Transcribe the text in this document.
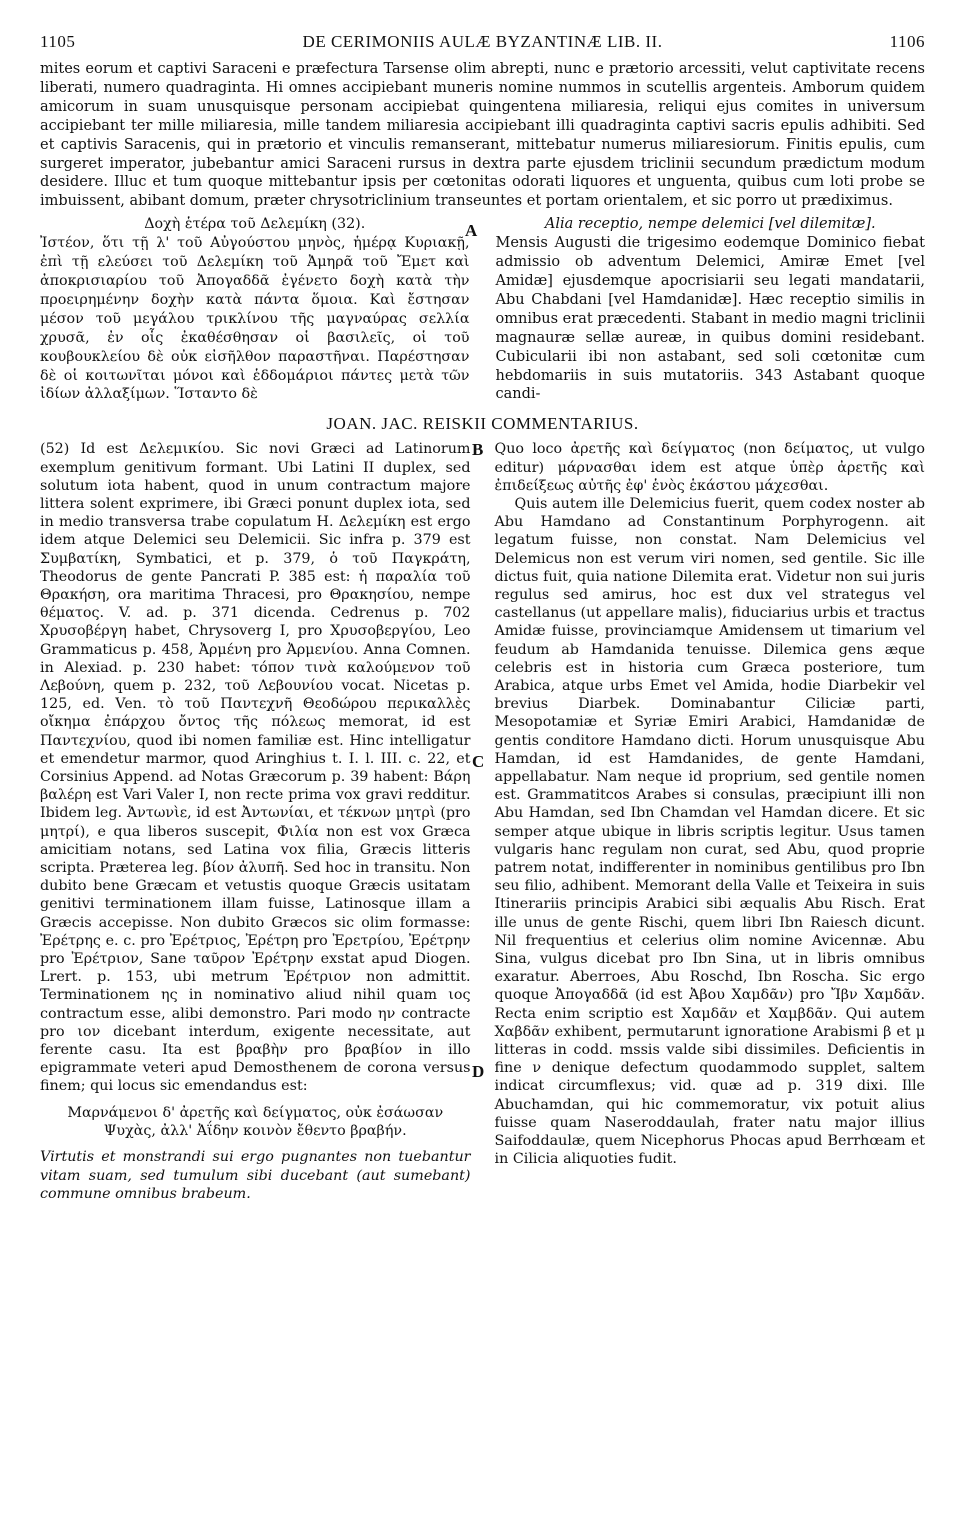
1105	DE CERIMONIIS AULÆ BYZANTINÆ LIB. II.	1106

mites eorum et captivi Saraceni e præfectura Tarsense olim abrepti, nunc e prætorio arcessiti, velut captivitate recens liberati, numero quadraginta. Hi omnes accipiebant muneris nomine nummos in scutellis argenteis. Amborum quidem amicorum in suam unusquisque personam accipiebat quingentena miliaresia, reliqui ejus comites in universum accipiebant ter mille miliaresia, mille tandem miliaresia accipiebant illi quadraginta captivi sacris epulis adhibiti. Sed et captivis Saracenis, qui in prætorio et vinculis remanserant, mittebatur numerus miliaresiorum. Finitis epulis, cum surgeret imperator, jubebantur amici Saraceni rursus in dextra parte ejusdem triclinii secundum prædictum modum desidere. Illuc et tum quoque mittebantur ipsis per cœtonitas odorati liquores et unguenta, quibus cum loti probe se imbuissent, abibant domum, præter chrysotriclinium transeuntes et portam orientalem, et sic porro ut prædiximus.

Δοχὴ ἑτέρα τοῦ Δελεμίκη (32).

Ἰστέον, ὅτι τῇ λ' τοῦ Αὐγούστου μηνὸς, ἡμέρᾳ Κυριακῇ, ἐπὶ τῇ ελεύσει τοῦ Δελεμίκη τοῦ Ἀμηρᾶ τοῦ Ἔμετ καὶ ἀποκρισιαρίου τοῦ Ἀπογαδδᾶ ἐγένετο δοχὴ κατὰ τὴν προειρημένην δοχὴν κατὰ πάντα ὅμοια. Καὶ ἔστησαν μέσον τοῦ μεγάλου τρικλίνου τῆς μαγναύρας σελλία χρυσᾶ, ἐν οἷς ἐκαθέσθησαν οἱ βασιλεῖς, οἱ τοῦ κουβουκλείου δὲ οὐκ εἰσῆλθον παραστῆναι. Παρέστησαν δὲ οἱ κοιτωνῖται μόνοι καὶ ἑδδομάριοι πάντες μετὰ τῶν ἰδίων ἀλλαξίμων. Ἵσταντο δὲ

A	Alia receptio, nempe delemici [vel dilemitæ].

Mensis Augusti die trigesimo eodemque Dominico fiebat admissio ob adventum Delemici, Amiræ Emet [vel Amidæ] ejusdemque apocrisiarii seu legati mandatarii, Abu Chabdani [vel Hamdanidæ]. Hæc receptio similis in omnibus erat præcedenti. Stabant in medio magni triclinii magnauræ sellæ aureæ, in quibus domini residebant. Cubicularii ibi non astabant, sed soli cœtonitæ cum hebdomariis in suis mutatoriis. 343 Astabant quoque candi-

JOAN. JAC. REISKII COMMENTARIUS.

(52) Id est Δελεμικίου. Sic novi Græci ad Latinorum exemplum genitivum formant. Ubi Latini II duplex, sed solutum iota habent, quod in unum contractum majore littera solent exprimere, ibi Græci ponunt duplex iota, sed in medio transversa trabe copulatum H. Δελεμίκη est ergo idem atque Delemici seu Delemicii. Sic infra p. 379 est Συμβατίκη, Symbatici, et p. 379, ὁ τοῦ Παγκράτη, Theodorus de gente Pancrati P. 385 est: ἡ παραλία τοῦ Θρακήση, ora maritima Thracesi, pro Θρακησίου, nempe θέματος. V. ad. p. 371 dicenda. Cedrenus p. 702 Χρυσοβέργη habet, Chrysoverg I, pro Χρυσοβεργίου, Leo Grammaticus p. 458, Ἀρμένη pro Ἀρμενίου. Anna Comnen. in Alexiad. p. 230 habet: τόπον τινὰ καλούμενον τοῦ Λεβούνη, quem p. 232, τοῦ Λεβουνίου vocat. Nicetas p. 125, ed. Ven. τὸ τοῦ Παντεχνῆ Θεοδώρου περικαλλὲς οἴκημα ἐπάρχου ὄντος τῆς πόλεως memorat, id est Παντεχνίου, quod ibi nomen familiæ est. Hinc intelligatur et emendetur marmor, quod Aringhius t. I. l. III. c. 22, et Corsinius Append. ad Notas Græcorum p. 39 habent: Βάρη βαλέρη est Vari Valer I, non recte prima vox gravi redditur. Ibidem leg. Ἀντωνὶε, id est Ἀντωνίαι, et τέκνων μητρὶ (pro μητρί), e qua liberos suscepit, Φιλία non est vox Græca amicitiam notans, sed Latina vox filia, Græcis litteris scripta. Præterea leg. βίον ἀλυπῆ. Sed hoc in transitu. Non dubito bene Græcam et vetustis quoque Græcis usitatam genitivi terminationem illam fuisse, Latinosque illam a Græcis accepisse. Non dubito Græcos sic olim formasse: Ἐρέτρης e. c. pro Ἐρέτριος, Ἐρέτρη pro Ἐρετρίου, Ἐρέτρην pro Ἐρέτριον, Sane ταῦρον Ἐρέτρην exstat apud Diogen. Lrert. p. 153, ubi metrum Ἐρέτριον non admittit. Terminationem ης in nominativo aliud nihil quam ιος contractum esse, alibi demonstro. Pari modo ην contracte pro ιον dicebant interdum, exigente necessitate, aut ferente casu. Ita est βραβὴν pro βραβίον in illo epigrammate veteri apud Demosthenem de corona versus finem; qui locus sic emendandus est:

Μαρνάμενοι δ' ἀρετῆς καὶ δείγματος, οὐκ ἐσάωσαν
Ψυχὰς, ἀλλ' Ἀΐδην κοινὸν ἔθεντο βραβήν.

Virtutis et monstrandi sui ergo pugnantes non tuebantur vitam suam, sed tumulum sibi ducebant (aut sumebant) commune omnibus brabeum.

B
C
D

Quo loco ἀρετῆς καὶ δείγματος (non δείματος, ut vulgo editur) μάρνασθαι idem est atque ὑπὲρ ἀρετῆς καὶ ἐπιδείξεως αὐτῆς ἐφ' ἑνὸς ἑκάστου μάχεσθαι.

Quis autem ille Delemicius fuerit, quem codex noster ab Abu Hamdano ad Constantinum Porphyrogenn. ait legatum fuisse, non constat. Nam Delemicius vel Delemicus non est verum viri nomen, sed gentile. Sic ille dictus fuit, quia natione Dilemita erat. Videtur non sui juris regulus sed amirus, hoc est dux vel strategus vel castellanus (ut appellare malis), fiduciarius urbis et tractus Amidæ fuisse, provinciamque Amidensem ut timarium vel feudum ab Hamdanida tenuisse. Dilemica gens æque celebris est in historia cum Græca posteriore, tum Arabica, atque urbs Emet vel Amida, hodie Diarbekir vel brevius Diarbek. Dominabantur Ciliciæ parti, Mesopotamiæ et Syriæ Emiri Arabici, Hamdanidæ de gentis conditore Hamdano dicti. Horum unusquisque Abu Hamdan, id est Hamdanides, de gente Hamdani, appellabatur. Nam neque id proprium, sed gentile nomen est. Grammatitcos Arabes si consulas, præcipiunt illi non Abu Hamdan, sed Ibn Chamdan vel Hamdan dicere. Et sic semper atque ubique in libris scriptis legitur. Usus tamen vulgaris hanc regulam non curat, sed Abu, quod proprie patrem notat, indifferenter in nominibus gentilibus pro Ibn seu filio, adhibent. Memorant della Valle et Teixeira in suis Itinerariis principis Arabici sibi æqualis Abu Risch. Erat ille unus de gente Rischi, quem libri Ibn Raiesch dicunt. Nil frequentius et celerius olim nomine Avicennæ. Abu Sina, vulgus dicebat pro Ibn Sina, ut in libris omnibus exaratur. Aberroes, Abu Roschd, Ibn Roscha. Sic ergo quoque Ἀπογαδδᾶ (id est Ἀβου Χαμδᾶν) pro Ἴβν Χαμδᾶν. Recta enim scriptio est Χαμδᾶν et Χαμβδᾶν. Qui autem Χαβδᾶν exhibent, permutarunt ignoratione Arabismi β et μ litteras in codd. mssis valde sibi dissimiles. Deficientis in fine ν denique defectum quodammodo supplet, saltem indicat circumflexus; vid. quæ ad p. 319 dixi. Ille Abuchamdan, qui hic commemoratur, vix potuit alius fuisse quam Naseroddaulah, frater natu major illius Saifoddaulæ, quem Nicephorus Phocas apud Berrhœam et in Cilicia aliquoties fudit.
